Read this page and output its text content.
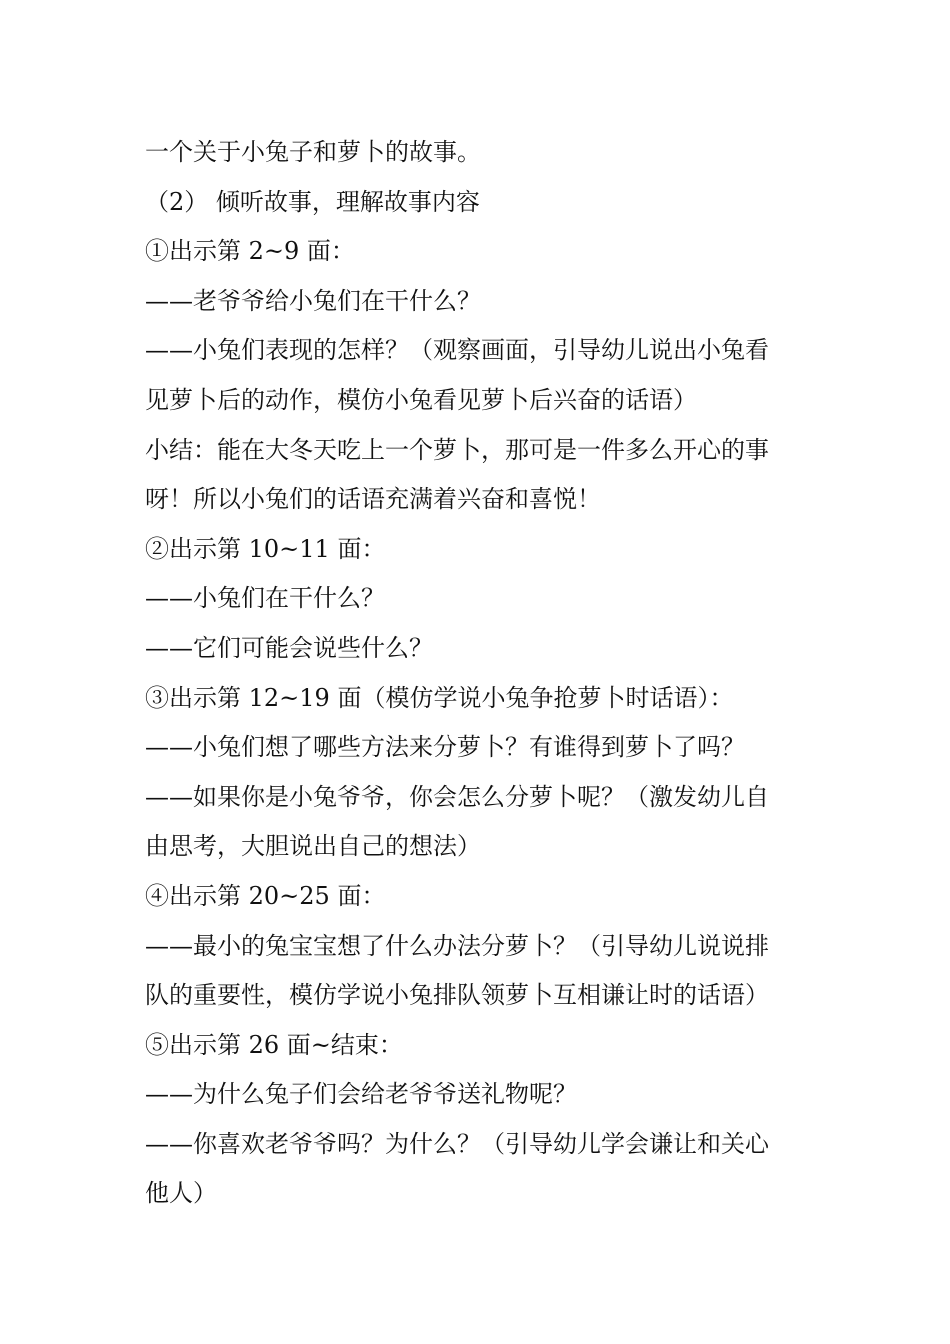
一个关于小兔子和萝卜的故事。

（2） 倾听故事，理解故事内容

①出示第 2~9 面：

——老爷爷给小兔们在干什么？

——小兔们表现的怎样？（观察画面，引导幼儿说出小兔看

见萝卜后的动作，模仿小兔看见萝卜后兴奋的话语）

小结：能在大冬天吃上一个萝卜，那可是一件多么开心的事

呀！所以小兔们的话语充满着兴奋和喜悦！

②出示第 10~11 面：

——小兔们在干什么？

——它们可能会说些什么？

③出示第 12~19 面（模仿学说小兔争抢萝卜时话语）：

——小兔们想了哪些方法来分萝卜？有谁得到萝卜了吗？

——如果你是小兔爷爷，你会怎么分萝卜呢？（激发幼儿自

由思考，大胆说出自己的想法）

④出示第 20~25 面：

——最小的兔宝宝想了什么办法分萝卜？（引导幼儿说说排

队的重要性，模仿学说小兔排队领萝卜互相谦让时的话语）

⑤出示第 26 面~结束：

——为什么兔子们会给老爷爷送礼物呢？

——你喜欢老爷爷吗？为什么？（引导幼儿学会谦让和关心

他人）
